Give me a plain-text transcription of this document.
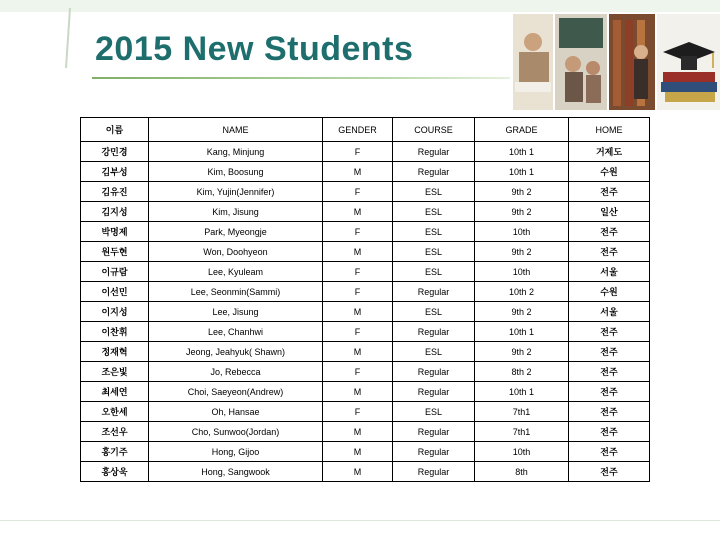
2015 New Students
이름	NAME	GENDER	COURSE	GRADE	HOME
강민경	Kang, Minjung	F	Regular	10th 1	거제도
김부성	Kim, Boosung	M	Regular	10th 1	수원
김유진	Kim, Yujin(Jennifer)	F	ESL	9th 2	전주
김지성	Kim, Jisung	M	ESL	9th 2	일산
박명제	Park, Myeongje	F	ESL	10th	전주
원두현	Won, Doohyeon	M	ESL	9th 2	전주
이규람	Lee, Kyuleam	F	ESL	10th	서울
이선민	Lee, Seonmin(Sammi)	F	Regular	10th 2	수원
이지성	Lee, Jisung	M	ESL	9th 2	서울
이찬휘	Lee, Chanhwi	F	Regular	10th 1	전주
정재혁	Jeong, Jeahyuk( Shawn)	M	ESL	9th 2	전주
조은빛	Jo, Rebecca	F	Regular	8th 2	전주
최세연	Choi, Saeyeon(Andrew)	M	Regular	10th 1	전주
오한세	Oh, Hansae	F	ESL	7th1	전주
조선우	Cho, Sunwoo(Jordan)	M	Regular	7th1	전주
홍기주	Hong, Gijoo	M	Regular	10th	전주
홍상욱	Hong, Sangwook	M	Regular	8th	전주
